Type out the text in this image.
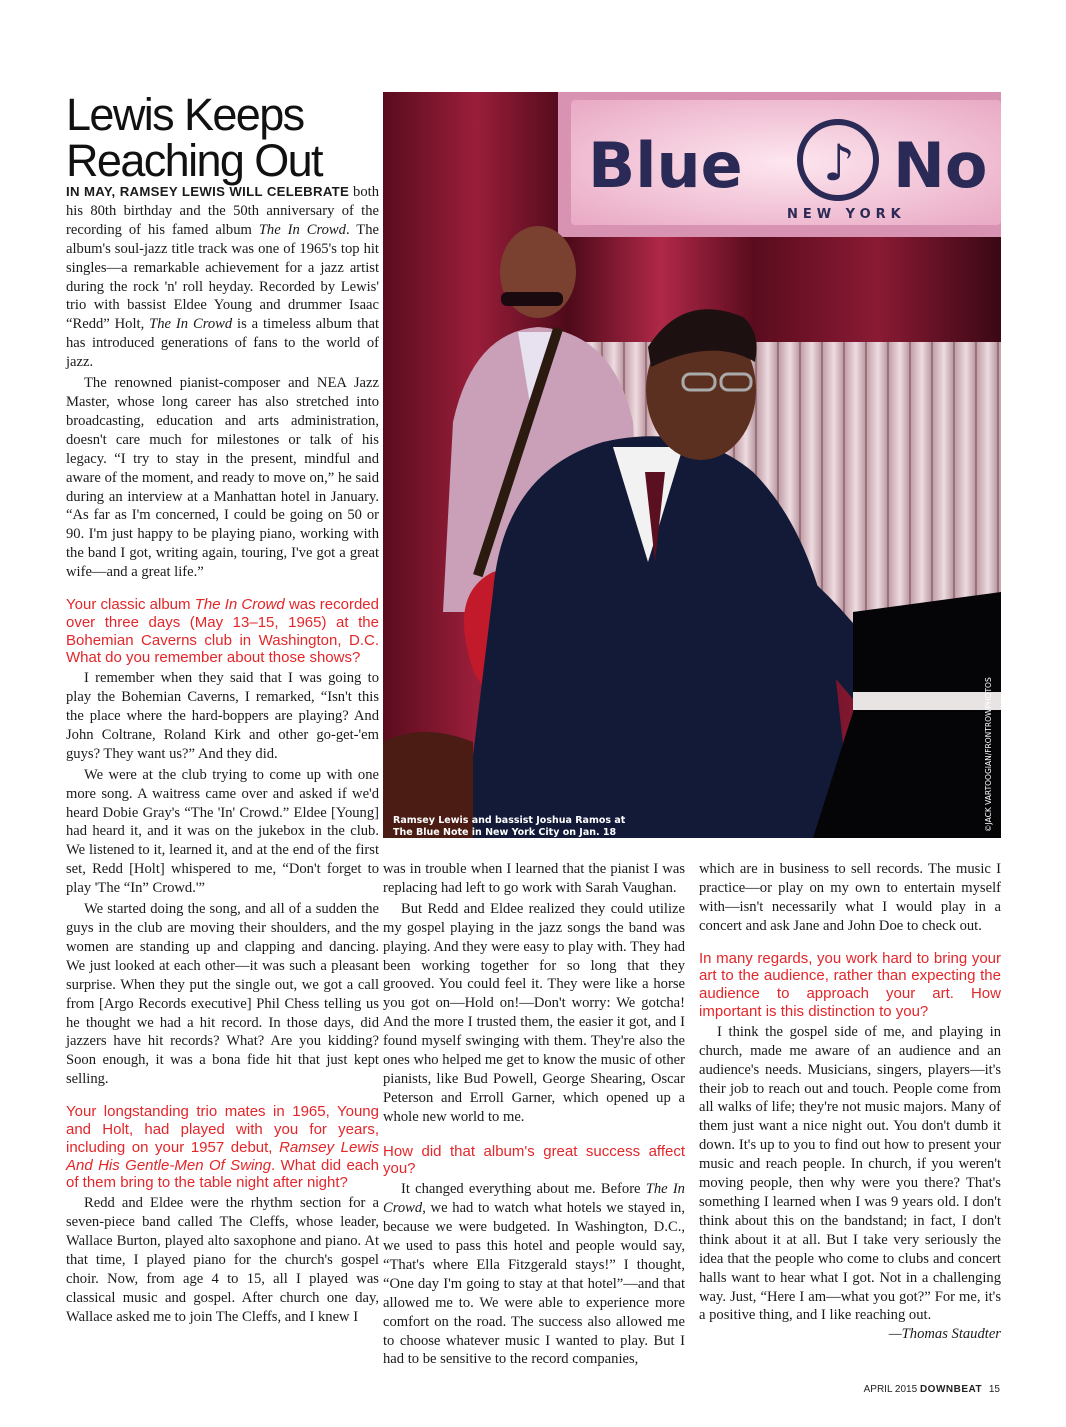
Lewis Keeps Reaching Out

IN MAY, RAMSEY LEWIS WILL CELEBRATE both his 80th birthday and the 50th anniversary of the recording of his famed album The In Crowd. The album's soul-jazz title track was one of 1965's top hit singles—a remarkable achievement for a jazz artist during the rock 'n' roll heyday. Recorded by Lewis' trio with bassist Eldee Young and drummer Isaac “Redd” Holt, The In Crowd is a timeless album that has introduced generations of fans to the world of jazz.

The renowned pianist-composer and NEA Jazz Master, whose long career has also stretched into broadcasting, education and arts administration, doesn't care much for milestones or talk of his legacy. “I try to stay in the present, mindful and aware of the moment, and ready to move on,” he said during an interview at a Manhattan hotel in January. “As far as I'm concerned, I could be going on 50 or 90. I'm just happy to be playing piano, working with the band I got, writing again, touring, I've got a great wife—and a great life.”

Your classic album The In Crowd was recorded over three days (May 13–15, 1965) at the Bohemian Caverns club in Washington, D.C. What do you remember about those shows?

I remember when they said that I was going to play the Bohemian Caverns, I remarked, “Isn't this the place where the hard-boppers are playing? And John Coltrane, Roland Kirk and other go-get-'em guys? They want us?” And they did.

We were at the club trying to come up with one more song. A waitress came over and asked if we'd heard Dobie Gray's “The 'In' Crowd.” Eldee [Young] had heard it, and it was on the jukebox in the club. We listened to it, learned it, and at the end of the first set, Redd [Holt] whispered to me, “Don't forget to play 'The “In” Crowd.'”

We started doing the song, and all of a sudden the guys in the club are moving their shoulders, and the women are standing up and clapping and dancing. We just looked at each other—it was such a pleasant surprise. When they put the single out, we got a call from [Argo Records executive] Phil Chess telling us he thought we had a hit record. In those days, did jazzers have hit records? What? Are you kidding? Soon enough, it was a bona fide hit that just kept selling.

Your longstanding trio mates in 1965, Young and Holt, had played with you for years, including on your 1957 debut, Ramsey Lewis And His Gentle-Men Of Swing. What did each of them bring to the table night after night?

Redd and Eldee were the rhythm section for a seven-piece band called The Cleffs, whose leader, Wallace Burton, played alto saxophone and piano. At that time, I played piano for the church's gospel choir. Now, from age 4 to 15, all I played was classical music and gospel. After church one day, Wallace asked me to join The Cleffs, and I knew I

Blue ♪ No
NEW YORK
Ramsey Lewis and bassist Joshua Ramos at
The Blue Note in New York City on Jan. 18
©JACK VARTOOGIAN/FRONTROWPHOTOS

was in trouble when I learned that the pianist I was replacing had left to go work with Sarah Vaughan.

But Redd and Eldee realized they could utilize my gospel playing in the jazz songs the band was playing. And they were easy to play with. They had been working together for so long that they grooved. You could feel it. They were like a horse you got on—Hold on!—Don't worry: We gotcha! And the more I trusted them, the easier it got, and I found myself swinging with them. They're also the ones who helped me get to know the music of other pianists, like Bud Powell, George Shearing, Oscar Peterson and Erroll Garner, which opened up a whole new world to me.

How did that album's great success affect you?

It changed everything about me. Before The In Crowd, we had to watch what hotels we stayed in, because we were budgeted. In Washington, D.C., we used to pass this hotel and people would say, “That's where Ella Fitzgerald stays!” I thought, “One day I'm going to stay at that hotel”—and that allowed me to. We were able to experience more comfort on the road. The success also allowed me to choose whatever music I wanted to play. But I had to be sensitive to the record companies,

which are in business to sell records. The music I practice—or play on my own to entertain myself with—isn't necessarily what I would play in a concert and ask Jane and John Doe to check out.

In many regards, you work hard to bring your art to the audience, rather than expecting the audience to approach your art. How important is this distinction to you?

I think the gospel side of me, and playing in church, made me aware of an audience and an audience's needs. Musicians, singers, players—it's their job to reach out and touch. People come from all walks of life; they're not music majors. Many of them just want a nice night out. You don't dumb it down. It's up to you to find out how to present your music and reach people. In church, if you weren't moving people, then why were you there? That's something I learned when I was 9 years old. I don't think about this on the bandstand; in fact, I don't think about it at all. But I take very seriously the idea that the people who come to clubs and concert halls want to hear what I got. Not in a challenging way. Just, “Here I am—what you got?” For me, it's a positive thing, and I like reaching out.
—Thomas Staudter

APRIL 2015 DOWNBEAT 15
